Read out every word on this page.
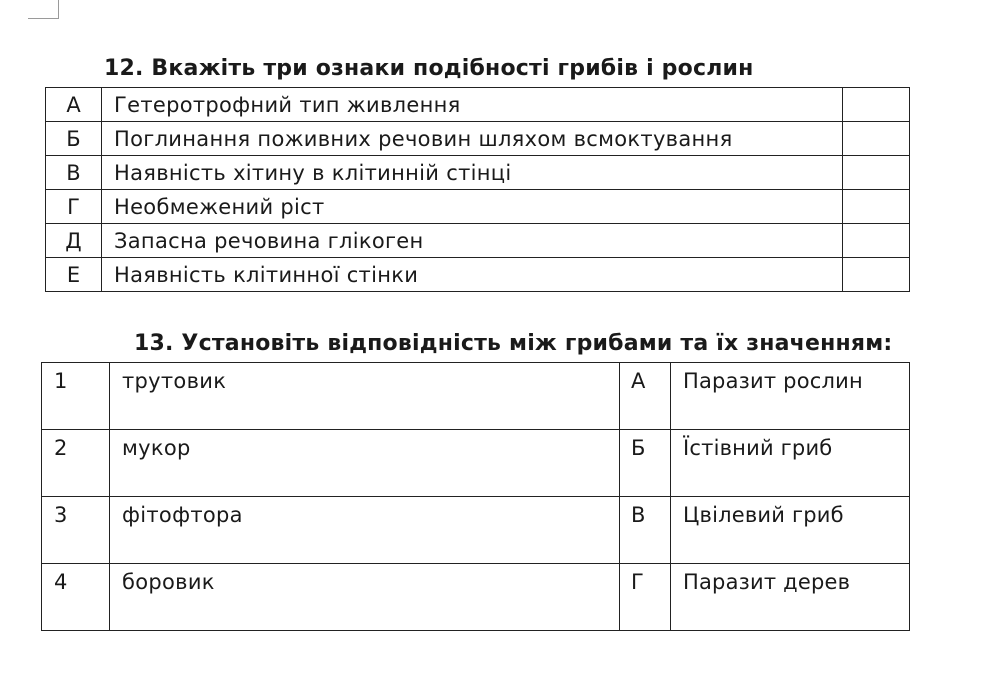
12. Вкажіть три ознаки подібності грибів і рослин
А	Гетеротрофний тип живлення	
Б	Поглинання поживних речовин шляхом всмоктування	
В	Наявність хітину в клітинній стінці	
Г	Необмежений ріст	
Д	Запасна речовина глікоген	
Е	Наявність клітинної стінки	
13. Установіть відповідність між грибами та їх значенням:
1	трутовик	А	Паразит рослин
2	мукор	Б	Їстівний гриб
3	фітофтора	В	Цвілевий гриб
4	боровик	Г	Паразит дерев
